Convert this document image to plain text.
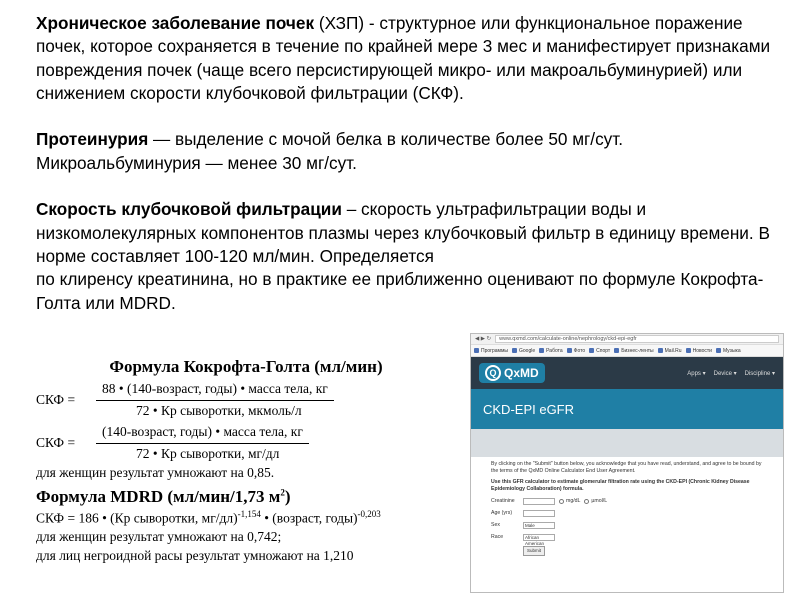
Хроническое заболевание почек (ХЗП) - структурное или функциональное поражение почек, которое сохраняется в течение по крайней мере 3 мес и манифестирует признаками повреждения почек (чаще всего персистирующей микро- или макроальбуминурией) или снижением скорости клубочковой фильтрации (СКФ).

Протеинурия — выделение с мочой белка в количестве более 50 мг/сут.

Микроальбуминурия — менее 30 мг/сут.

Скорость клубочковой фильтрации – скорость ультрафильтрации воды и низкомолекулярных компонентов плазмы через клубочковый фильтр в единицу времени. В норме составляет 100-120 мл/мин. Определяется

по клиренсу креатинина, но в практике ее приближенно оценивают по формуле Кокрофта-Голта или MDRD.

Формула Кокрофта-Голта (мл/мин)
СКФ =	$\frac{\text{88 • (140-возраст, годы) • масса тела, кг}}{\text{72 • Кр сыворотки, мкмоль/л}}$
СКФ =	$\frac{\text{(140-возраст, годы) • масса тела, кг}}{\text{72 • Кр сыворотки, мг/дл}}$
для женщин результат умножают на 0,85.
Формула MDRD (мл/мин/1,73 $м^2$)
СКФ = 186 • (Кр сыворотки, мг/дл)$^{-1,154}$ • (возраст, годы)$^{-0,203}$
для женщин результат умножают на 0,742;
для лиц негроидной расы результат умножают на 1,210
◀ ▶ ↻	www.qxmd.com/calculate-online/nephrology/ckd-epi-egfr
Программы Google Работа Фото Спорт Бизнес-ленты Mail.Ru Новости Музыка
Q QxMD	Apps ▾ Device ▾ Discipline ▾
CKD-EPI eGFR
By clicking on the "Submit" button below, you acknowledge that you have read, understand, and agree to be bound by the terms of the QxMD Online Calculator End User Agreement.
Use this GFR calculator to estimate glomerular filtration rate using the CKD-EPI (Chronic Kidney Disease Epidemiology Collaboration) formula.
Creatinine	mg/dL µmol/L
Age (yrs)
Sex	Male
Race	African American
Submit
